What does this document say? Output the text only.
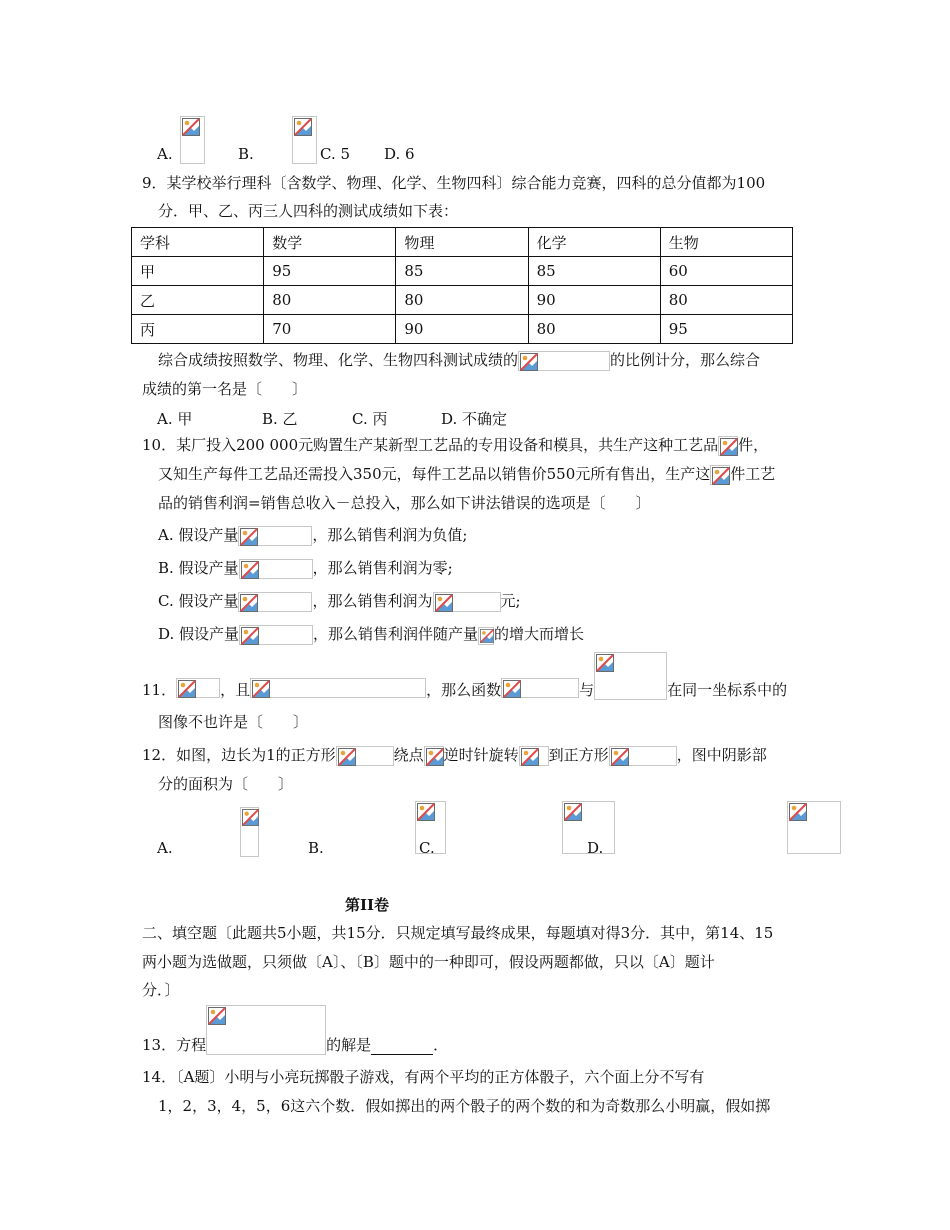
A.
	B.
	C. 5 D. 6
9．某学校举行理科〔含数学、物理、化学、生物四科〕综合能力竞赛，四科的总分值都为100
分．甲、乙、丙三人四科的测试成绩如下表：
学科	数学	物理	化学	生物
甲	95	85	85	60
乙	80	80	90	80
丙	70	90	80	95
综合成绩按照数学、物理、化学、生物四科测试成绩的	的比例计分，那么综合
成绩的第一名是〔　　〕
A. 甲	B. 乙	C. 丙	D. 不确定
10．某厂投入200 000元购置生产某新型工艺品的专用设备和模具，共生产这种工艺品 件，
又知生产每件工艺品还需投入350元，每件工艺品以销售价550元所有售出，生产这 件工艺
品的销售利润=销售总收入－总投入，那么如下讲法错误的选项是〔　　〕
A. 假设产量	，那么销售利润为负值;
B. 假设产量	，那么销售利润为零;
C. 假设产量	，那么销售利润为	元;
D. 假设产量	，那么销售利润伴随产量 的增大而增长
11．	，且	，那么函数	与	在同一坐标系中的
图像不也许是〔　　〕
12．如图，边长为1的正方形	绕点 逆时针旋转 到正方形	，图中阴影部
分的面积为〔　　〕
A.
	B.
	C.
	D.
第II卷
二、填空题〔此题共5小题，共15分．只规定填写最终成果，每题填对得3分．其中，第14、15
两小题为选做题，只须做〔A〕、〔B〕题中的一种即可，假设两题都做，只以〔A〕题计
分．〕
13．方程	的解是	．
14．〔A题〕小明与小亮玩掷骰子游戏，有两个平均的正方体骰子，六个面上分不写有
1，2，3，4，5，6这六个数．假如掷出的两个骰子的两个数的和为奇数那么小明赢，假如掷
